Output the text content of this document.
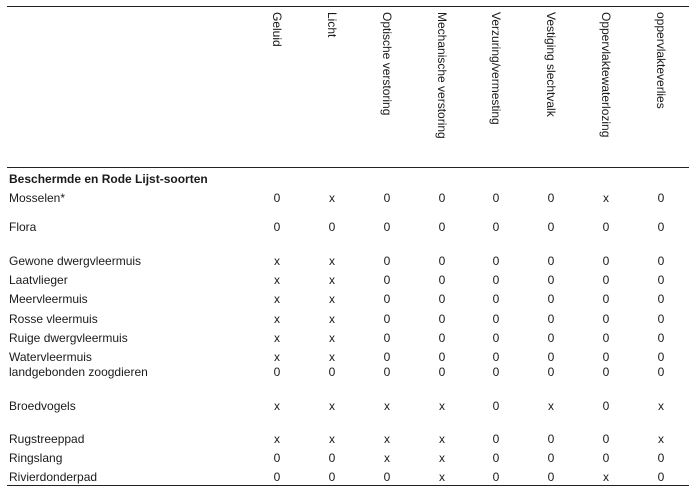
Geluid	Licht	Optische verstoring	Mechanische verstoring	Verzuring/vermesting	Vestiging slechtvalk	Oppervlaktewaterlozing	oppervlakteverlies
Beschermde en Rode Lijst-soorten
Mosselen*	0	x	0	0	0	0	x	0
Flora	0	0	0	0	0	0	0	0
Gewone dwergvleermuis	x	x	0	0	0	0	0	0
Laatvlieger	x	x	0	0	0	0	0	0
Meervleermuis	x	x	0	0	0	0	0	0
Rosse vleermuis	x	x	0	0	0	0	0	0
Ruige dwergvleermuis	x	x	0	0	0	0	0	0
Watervleermuis	x	x	0	0	0	0	0	0
landgebonden zoogdieren	0	0	0	0	0	0	0	0
Broedvogels	x	x	x	x	0	x	0	x
Rugstreeppad	x	x	x	x	0	0	0	x
Ringslang	0	0	x	x	0	0	0	0
Rivierdonderpad	0	0	0	x	0	0	x	0
